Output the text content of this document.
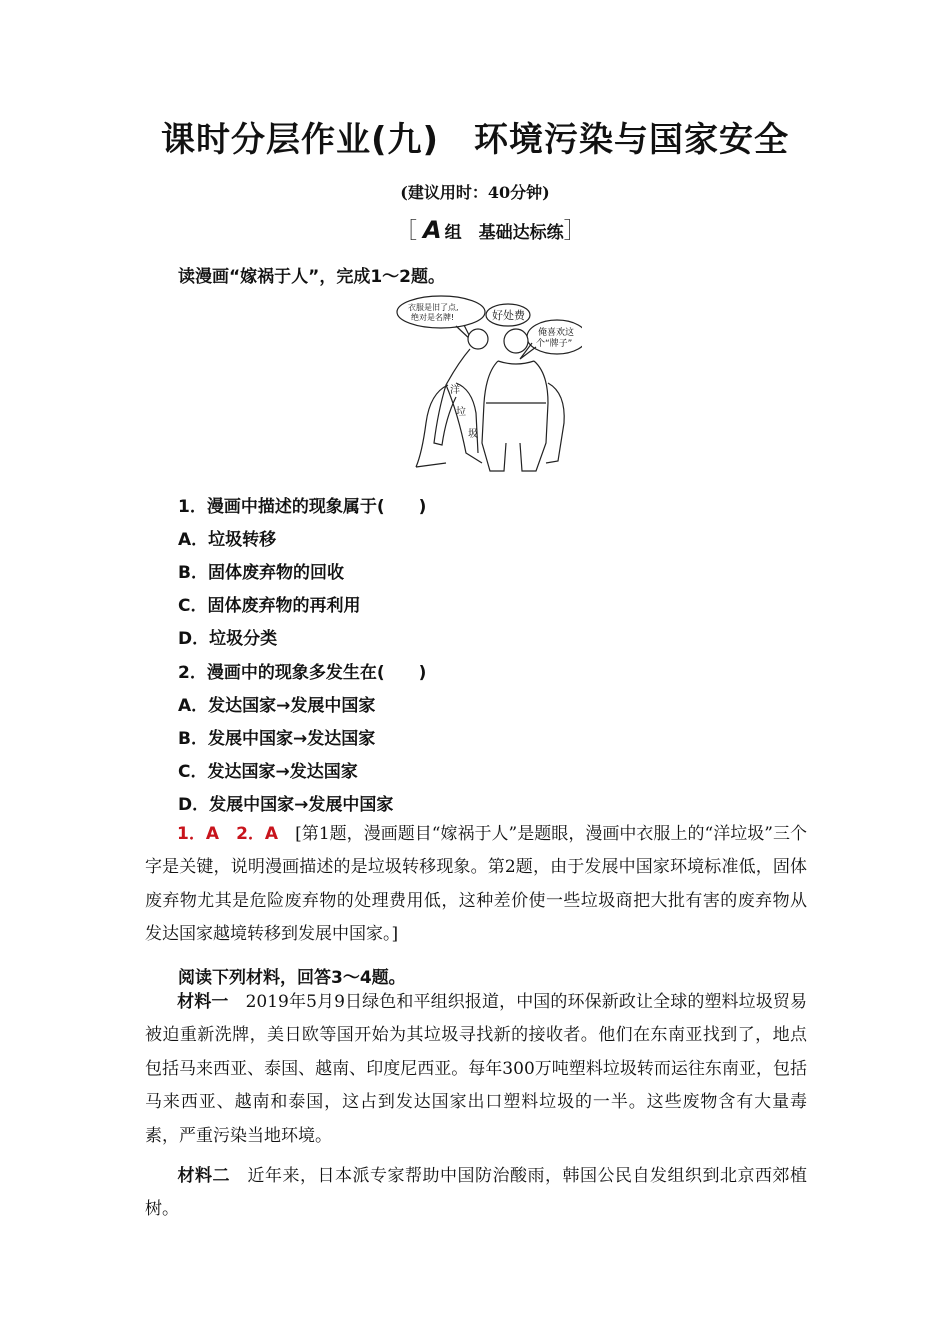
课时分层作业(九)　环境污染与国家安全
(建议用时：40分钟)
［ A 组　基础达标练］
读漫画“嫁祸于人”，完成1～2题。
衣服是旧了点,
绝对是名牌!	好处费
俺喜欢这
个“牌子”
洋
垃
圾
1．漫画中描述的现象属于(　　)
A．垃圾转移
B．固体废弃物的回收
C．固体废弃物的再利用
D．垃圾分类
2．漫画中的现象多发生在(　　)
A．发达国家→发展中国家
B．发展中国家→发达国家
C．发达国家→发达国家
D．发展中国家→发展中国家
1．A　2．A　 [第1题，漫画题目“嫁祸于人”是题眼，漫画中衣服上的“洋垃圾”三个字是关键，说明漫画描述的是垃圾转移现象。第2题，由于发展中国家环境标准低，固体废弃物尤其是危险废弃物的处理费用低，这种差价使一些垃圾商把大批有害的废弃物从发达国家越境转移到发展中国家。]
阅读下列材料，回答3～4题。
材料一　 2019年5月9日绿色和平组织报道，中国的环保新政让全球的塑料垃圾贸易被迫重新洗牌，美日欧等国开始为其垃圾寻找新的接收者。他们在东南亚找到了，地点包括马来西亚、泰国、越南、印度尼西亚。每年300万吨塑料垃圾转而运往东南亚，包括马来西亚、越南和泰国，这占到发达国家出口塑料垃圾的一半。这些废物含有大量毒素，严重污染当地环境。
材料二　 近年来，日本派专家帮助中国防治酸雨，韩国公民自发组织到北京西郊植树。
